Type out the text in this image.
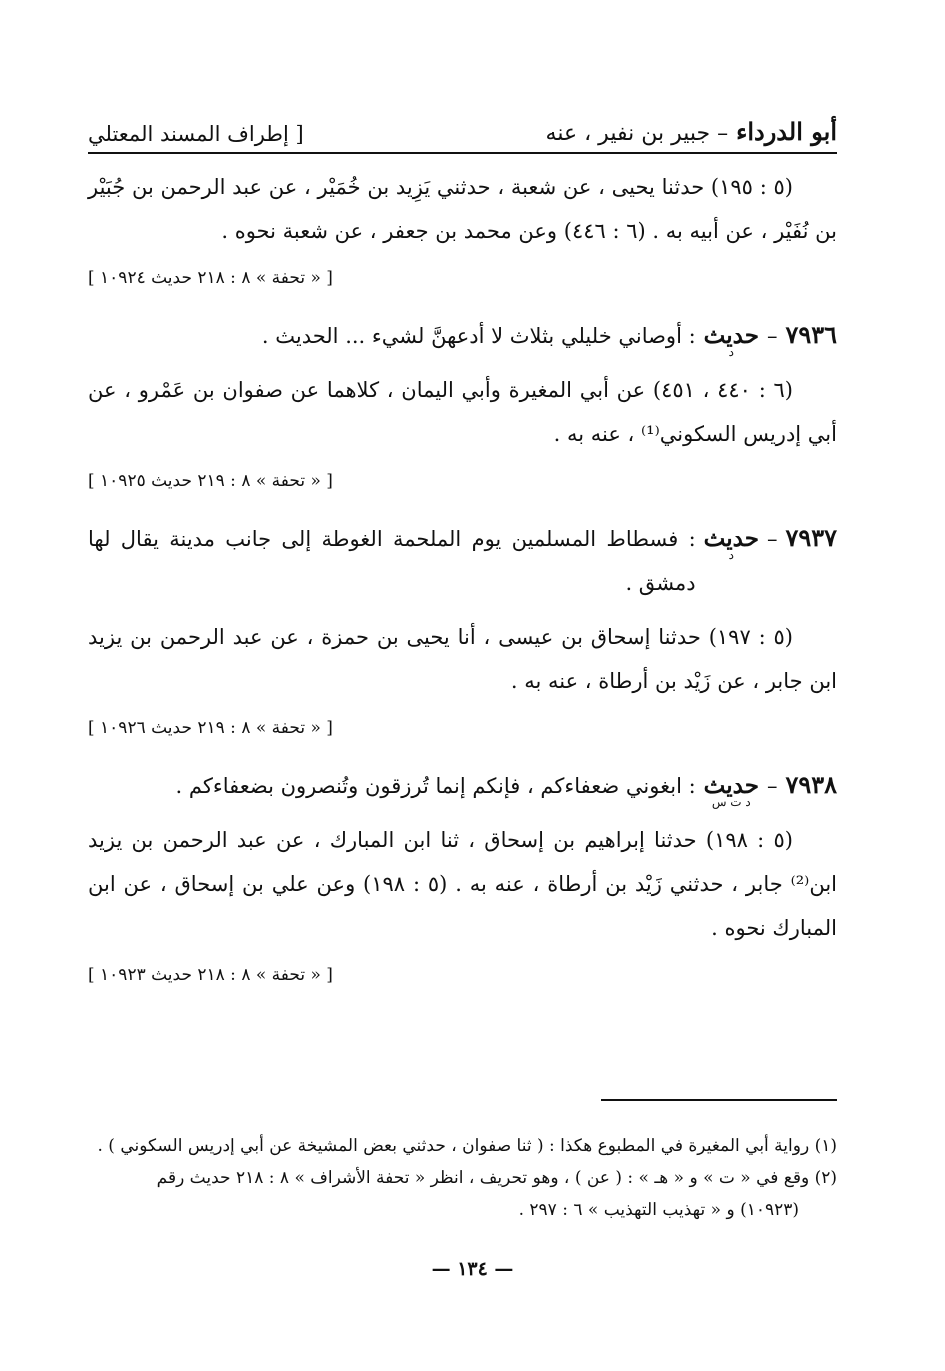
أبو الدرداء
– جبير بن نفير ، عنه
[ إطراف المسند المعتلي

(٥ : ١٩٥) حدثنا يحيى ، عن شعبة ، حدثني يَزِيد بن خُمَيْر ، عن عبد الرحمن بن جُبَيْر بن نُفَيْر ، عن أبيه به . (٦ : ٤٤٦) وعن محمد بن جعفر ، عن شعبة نحوه .

[ « تحفة » ٨ : ٢١٨ حديث ١٠٩٢٤ ]
٧٩٣٦
–
حديث
د
: أوصاني خليلي بثلاث لا أدعهنَّ لشيء ... الحديث .

(٦ : ٤٤٠ ، ٤٥١) عن أبي المغيرة وأبي اليمان ، كلاهما عن صفوان بن عَمْرو ، عن أبي إدريس السكوني⁽¹⁾ ، عنه به .

[ « تحفة » ٨ : ٢١٩ حديث ١٠٩٢٥ ]
٧٩٣٧
–
حديث
د
: فسطاط المسلمين يوم الملحمة الغوطة إلى جانب مدينة يقال لها دمشق .

(٥ : ١٩٧) حدثنا إسحاق بن عيسى ، أنا يحيى بن حمزة ، عن عبد الرحمن بن يزيد ابن جابر ، عن زَيْد بن أرطاة ، عنه به .

[ « تحفة » ٨ : ٢١٩ حديث ١٠٩٢٦ ]
٧٩٣٨
–
حديث
د ت س
: ابغوني ضعفاءكم ، فإنكم إنما تُرزقون وتُنصرون بضعفاءكم .

(٥ : ١٩٨) حدثنا إبراهيم بن إسحاق ، ثنا ابن المبارك ، عن عبد الرحمن بن يزيد ابن⁽²⁾ جابر ، حدثني زَيْد بن أرطاة ، عنه به . (٥ : ١٩٨) وعن علي بن إسحاق ، عن ابن المبارك نحوه .

[ « تحفة » ٨ : ٢١٨ حديث ١٠٩٢٣ ]

(١) رواية أبي المغيرة في المطبوع هكذا : ( ثنا صفوان ، حدثني بعض المشيخة عن أبي إدريس السكوني ) .

(٢) وقع في « ت » و « هـ » : ( عن ) ، وهو تحريف ، انظر « تحفة الأشراف » ٨ : ٢١٨ حديث رقم

(١٠٩٢٣) و « تهذيب التهذيب » ٦ : ٢٩٧ .

— ١٣٤ —
